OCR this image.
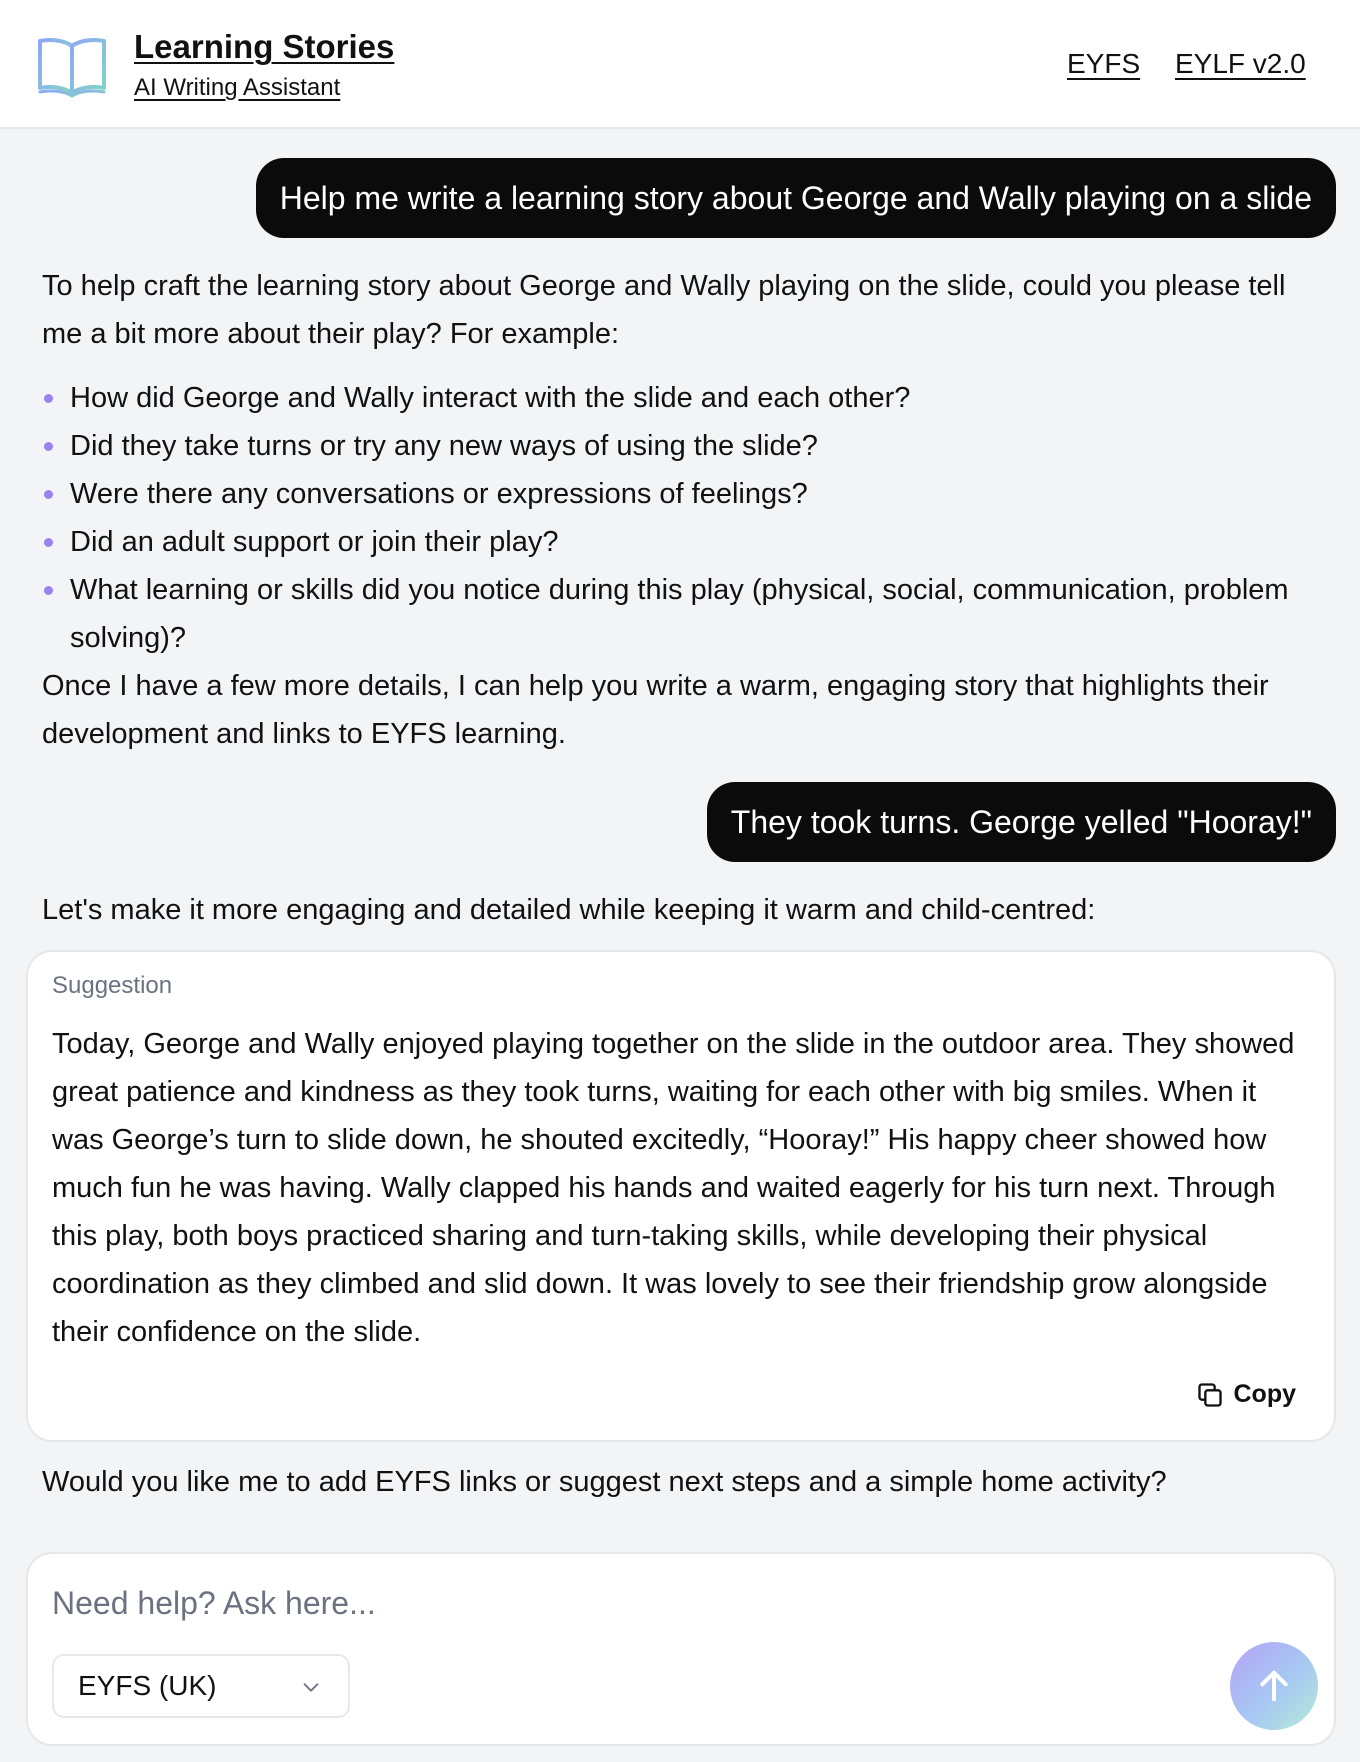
Learning Stories
AI Writing Assistant
EYFS EYLF v2.0
Help me write a learning story about George and Wally playing on a slide

To help craft the learning story about George and Wally playing on the slide, could you please tell me a bit more about their play? For example:

How did George and Wally interact with the slide and each other?
Did they take turns or try any new ways of using the slide?
Were there any conversations or expressions of feelings?
Did an adult support or join their play?
What learning or skills did you notice during this play (physical, social, communication, problem solving)?

Once I have a few more details, I can help you write a warm, engaging story that highlights their development and links to EYFS learning.

They took turns. George yelled "Hooray!"

Let's make it more engaging and detailed while keeping it warm and child-centred:

Suggestion

Today, George and Wally enjoyed playing together on the slide in the outdoor area. They showed great patience and kindness as they took turns, waiting for each other with big smiles. When it was George’s turn to slide down, he shouted excitedly, “Hooray!” His happy cheer showed how much fun he was having. Wally clapped his hands and waited eagerly for his turn next. Through this play, both boys practiced sharing and turn-taking skills, while developing their physical coordination as they climbed and slid down. It was lovely to see their friendship grow alongside their confidence on the slide.

Copy

Would you like me to add EYFS links or suggest next steps and a simple home activity?

Need help? Ask here...
EYFS (UK)
